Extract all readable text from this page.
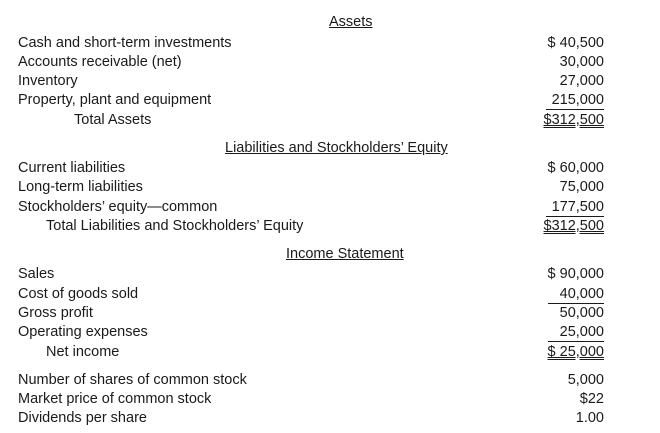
Assets
Cash and short-term investments	$ 40,500
Accounts receivable (net)	30,000
Inventory	27,000
Property, plant and equipment	215,000
Total Assets	$312,500
Liabilities and Stockholders’ Equity
Current liabilities	$ 60,000
Long-term liabilities	75,000
Stockholders’ equity—common	177,500
Total Liabilities and Stockholders’ Equity	$312,500
Income Statement
Sales	$ 90,000
Cost of goods sold	40,000
Gross profit	50,000
Operating expenses	25,000
Net income	$ 25,000
Number of shares of common stock	5,000
Market price of common stock	$22
Dividends per share	1.00
